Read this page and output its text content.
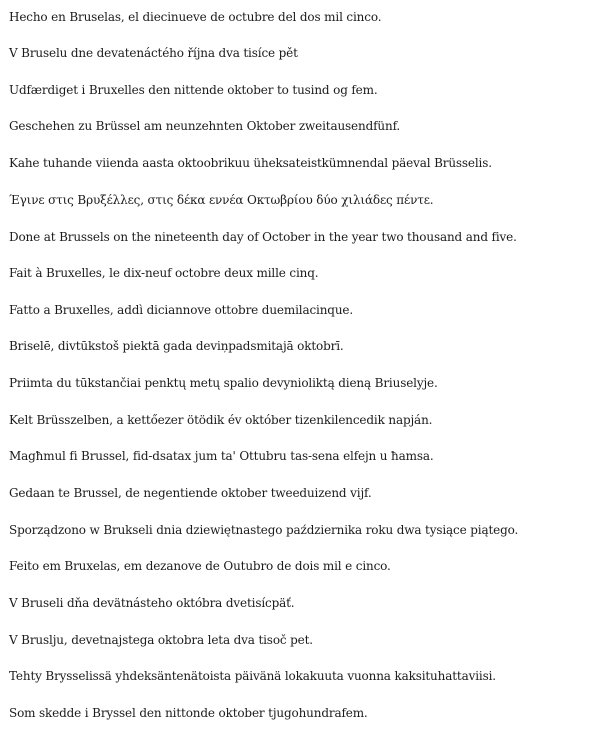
Hecho en Bruselas, el diecinueve de octubre del dos mil cinco.
V Bruselu dne devatenáctého října dva tisíce pět
Udfærdiget i Bruxelles den nittende oktober to tusind og fem.
Geschehen zu Brüssel am neunzehnten Oktober zweitausendfünf.
Kahe tuhande viienda aasta oktoobrikuu üheksateistkümnendal päeval Brüsselis.
Έγινε στις Βρυξέλλες, στις δέκα εννέα Οκτωβρίου δύο χιλιάδες πέντε.
Done at Brussels on the nineteenth day of October in the year two thousand and five.
Fait à Bruxelles, le dix-neuf octobre deux mille cinq.
Fatto a Bruxelles, addì diciannove ottobre duemilacinque.
Briselē, divtūkstoš piektā gada deviņpadsmitajā oktobrī.
Priimta du tūkstančiai penktų metų spalio devynioliktą dieną Briuselyje.
Kelt Brüsszelben, a kettőezer ötödik év október tizenkilencedik napján.
Magħmul fi Brussel, fid-dsatax jum ta' Ottubru tas-sena elfejn u ħamsa.
Gedaan te Brussel, de negentiende oktober tweeduizend vijf.
Sporządzono w Brukseli dnia dziewiętnastego października roku dwa tysiące piątego.
Feito em Bruxelas, em dezanove de Outubro de dois mil e cinco.
V Bruseli dňa devätnásteho októbra dvetisícpäť.
V Bruslju, devetnajstega oktobra leta dva tisoč pet.
Tehty Brysselissä yhdeksäntenätoista päivänä lokakuuta vuonna kaksituhattaviisi.
Som skedde i Bryssel den nittonde oktober tjugohundrafem.
